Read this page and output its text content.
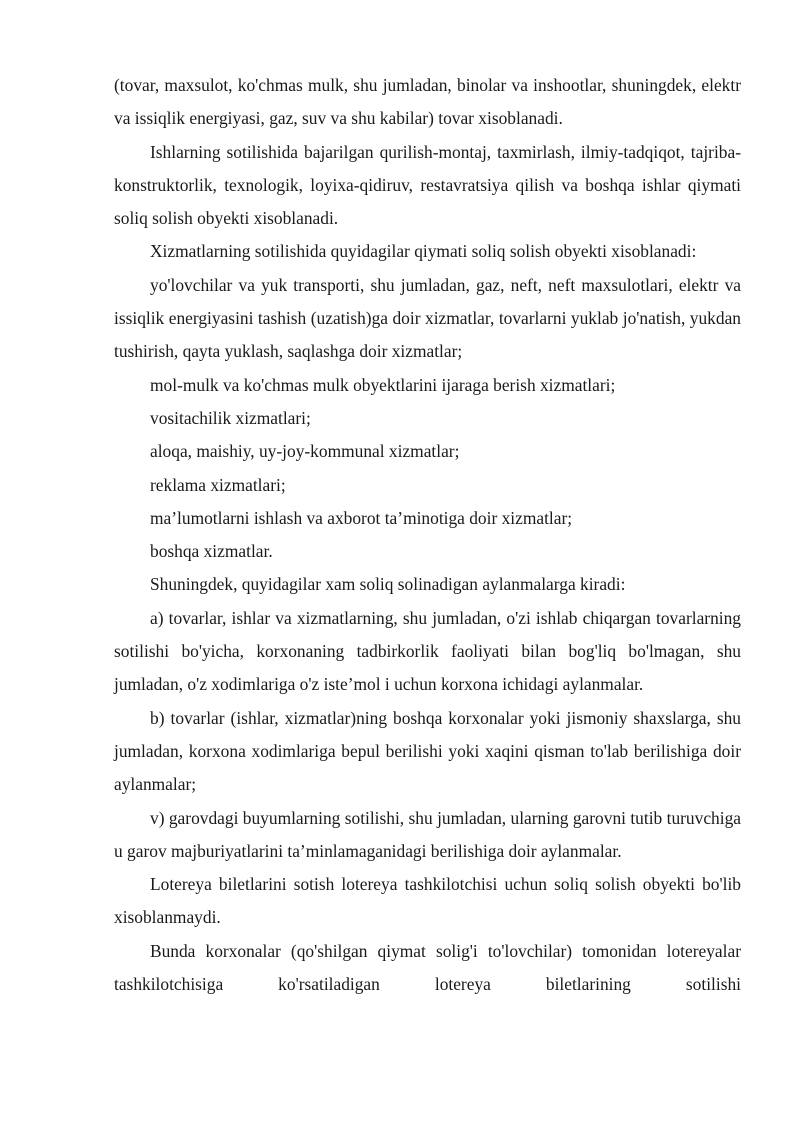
(tovar, maxsulot, ko'chmas mulk, shu jumladan, binolar va inshootlar, shuningdek, elektr va issiqlik energiyasi, gaz, suv va shu kabilar) tovar xisoblanadi.

Ishlarning sotilishida bajarilgan qurilish-montaj, taxmirlash, ilmiy-tadqiqot, tajriba-konstruktorlik, texnologik, loyixa-qidiruv, restavratsiya qilish va boshqa ishlar qiymati soliq solish obyekti xisoblanadi.

Xizmatlarning sotilishida quyidagilar qiymati soliq solish obyekti xisoblanadi:

yo'lovchilar va yuk transporti, shu jumladan, gaz, neft, neft maxsulotlari, elektr va issiqlik energiyasini tashish (uzatish)ga doir xizmatlar, tovarlarni yuklab jo'natish, yukdan tushirish, qayta yuklash, saqlashga doir xizmatlar;

mol-mulk va ko'chmas mulk obyektlarini ijaraga berish xizmatlari;

vositachilik xizmatlari;

aloqa, maishiy, uy-joy-kommunal xizmatlar;

reklama xizmatlari;

ma’lumotlarni ishlash va axborot ta’minotiga doir xizmatlar;

boshqa xizmatlar.

Shuningdek, quyidagilar xam soliq solinadigan aylanmalarga kiradi:

a) tovarlar, ishlar va xizmatlarning, shu jumladan, o'zi ishlab chiqargan tovarlarning sotilishi bo'yicha, korxonaning tadbirkorlik faoliyati bilan bog'liq bo'lmagan, shu jumladan, o'z xodimlariga o'z iste’mol i uchun korxona ichidagi aylanmalar.

b) tovarlar (ishlar, xizmatlar)ning boshqa korxonalar yoki jismoniy shaxslarga, shu jumladan, korxona xodimlariga bepul berilishi yoki xaqini qisman to'lab berilishiga doir aylanmalar;

v) garovdagi buyumlarning sotilishi, shu jumladan, ularning garovni tutib turuvchiga u garov majburiyatlarini ta’minlamaganidagi berilishiga doir aylanmalar.

Lotereya biletlarini sotish lotereya tashkilotchisi uchun soliq solish obyekti bo'lib xisoblanmaydi.

Bunda korxonalar (qo'shilgan qiymat solig'i to'lovchilar) tomonidan lotereyalar tashkilotchisiga ko'rsatiladigan lotereya biletlarining sotilishi
